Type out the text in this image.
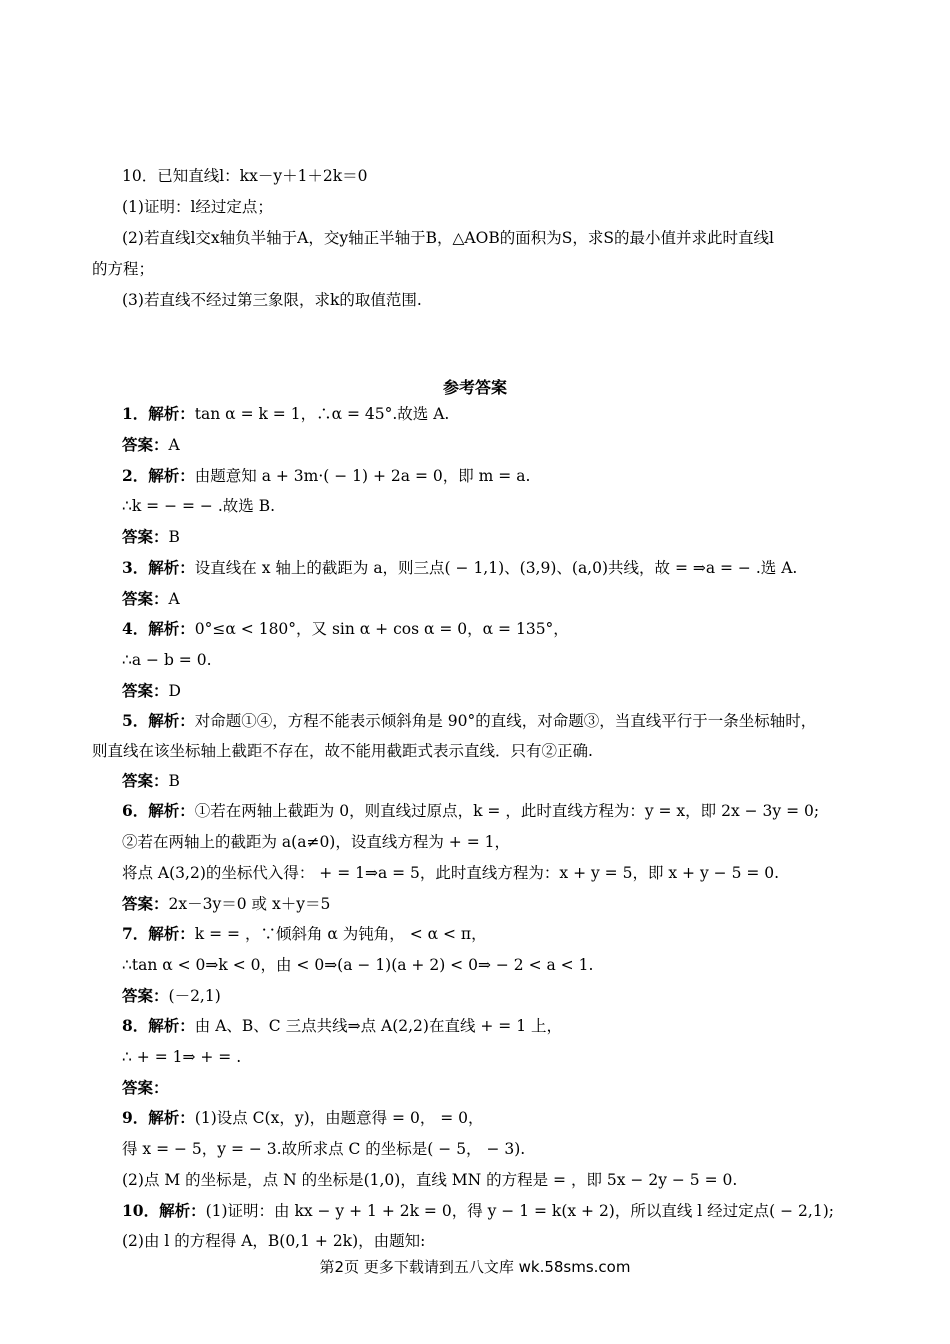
10．已知直线l：kx－y＋1＋2k＝0
(1)证明：l经过定点；
(2)若直线l交x轴负半轴于A，交y轴正半轴于B，△AOB的面积为S，求S的最小值并求此时直线l
的方程；
(3)若直线不经过第三象限，求k的取值范围.
参考答案
1．解析：tan α = k = 1，∴α = 45°.故选 A.
答案：A
2．解析：由题意知 a + 3m·( − 1) + 2a = 0，即 m = a.
∴k = − = − .故选 B.
答案：B
3．解析：设直线在 x 轴上的截距为 a，则三点( − 1,1)、(3,9)、(a,0)共线，故 = ⇒a = − .选 A.
答案：A
4．解析：0°≤α < 180°，又 sin α + cos α = 0，α = 135°，
∴a − b = 0.
答案：D
5．解析：对命题①④，方程不能表示倾斜角是 90°的直线，对命题③，当直线平行于一条坐标轴时，
则直线在该坐标轴上截距不存在，故不能用截距式表示直线．只有②正确.
答案：B
6．解析：①若在两轴上截距为 0，则直线过原点，k = ，此时直线方程为：y = x，即 2x − 3y = 0;
②若在两轴上的截距为 a(a≠0)，设直线方程为 + = 1，
将点 A(3,2)的坐标代入得： + = 1⇒a = 5，此时直线方程为：x + y = 5，即 x + y − 5 = 0.
答案：2x－3y＝0 或 x＋y＝5
7．解析：k = = ，∵倾斜角 α 为钝角， < α < π，
∴tan α < 0⇒k < 0，由 < 0⇒(a − 1)(a + 2) < 0⇒ − 2 < a < 1.
答案：(－2,1)
8．解析：由 A、B、C 三点共线⇒点 A(2,2)在直线 + = 1 上，
∴ + = 1⇒ + = .
答案：
9．解析：(1)设点 C(x，y)，由题意得 = 0， = 0，
得 x = − 5，y = − 3.故所求点 C 的坐标是( − 5， − 3).
(2)点 M 的坐标是，点 N 的坐标是(1,0)，直线 MN 的方程是 = ，即 5x − 2y − 5 = 0.
10．解析：(1)证明：由 kx − y + 1 + 2k = 0，得 y − 1 = k(x + 2)，所以直线 l 经过定点( − 2,1);
(2)由 l 的方程得 A，B(0,1 + 2k)，由题知:
第2页 更多下载请到五八文库 wk.58sms.com
